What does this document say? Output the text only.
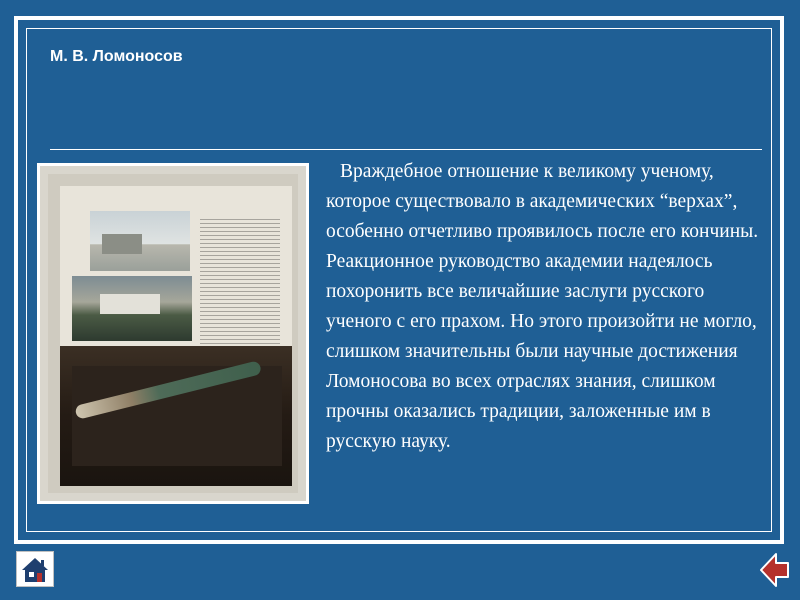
М. В. Ломоносов

Враждебное отношение к великому ученому, которое существовало в академических “верхах”, особенно отчетливо проявилось после его кончины. Реакционное руководство академии надеялось похоронить все величайшие заслуги русского ученого с его прахом. Но этого произойти не могло, слишком значительны были научные достижения Ломоносова во всех отраслях знания, слишком прочны оказались традиции, заложенные им в русскую науку.
